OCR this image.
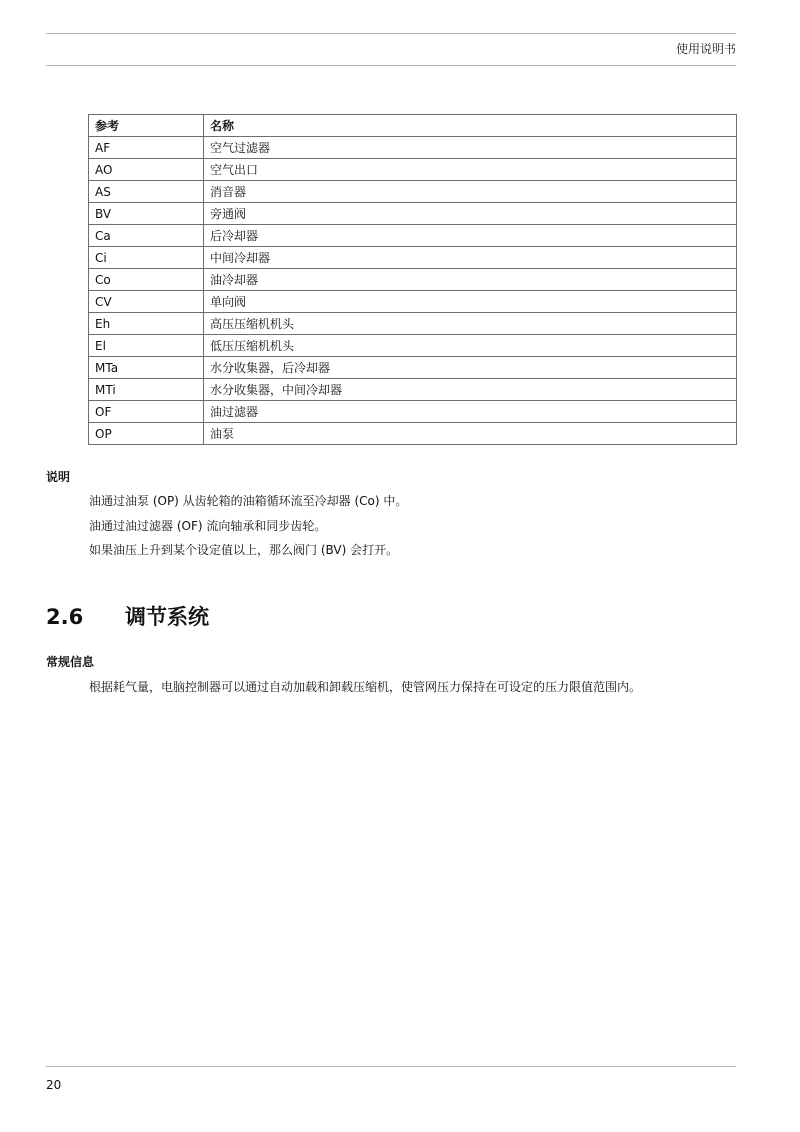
使用说明书
参考	名称
AF	空气过滤器
AO	空气出口
AS	消音器
BV	旁通阀
Ca	后冷却器
Ci	中间冷却器
Co	油冷却器
CV	单向阀
Eh	高压压缩机机头
El	低压压缩机机头
MTa	水分收集器，后冷却器
MTi	水分收集器，中间冷却器
OF	油过滤器
OP	油泵
说明
油通过油泵 (OP) 从齿轮箱的油箱循环流至冷却器 (Co) 中。
油通过油过滤器 (OF) 流向轴承和同步齿轮。
如果油压上升到某个设定值以上，那么阀门 (BV) 会打开。
2.6 调节系统
常规信息
根据耗气量，电脑控制器可以通过自动加载和卸载压缩机，使管网压力保持在可设定的压力限值范围内。
20
